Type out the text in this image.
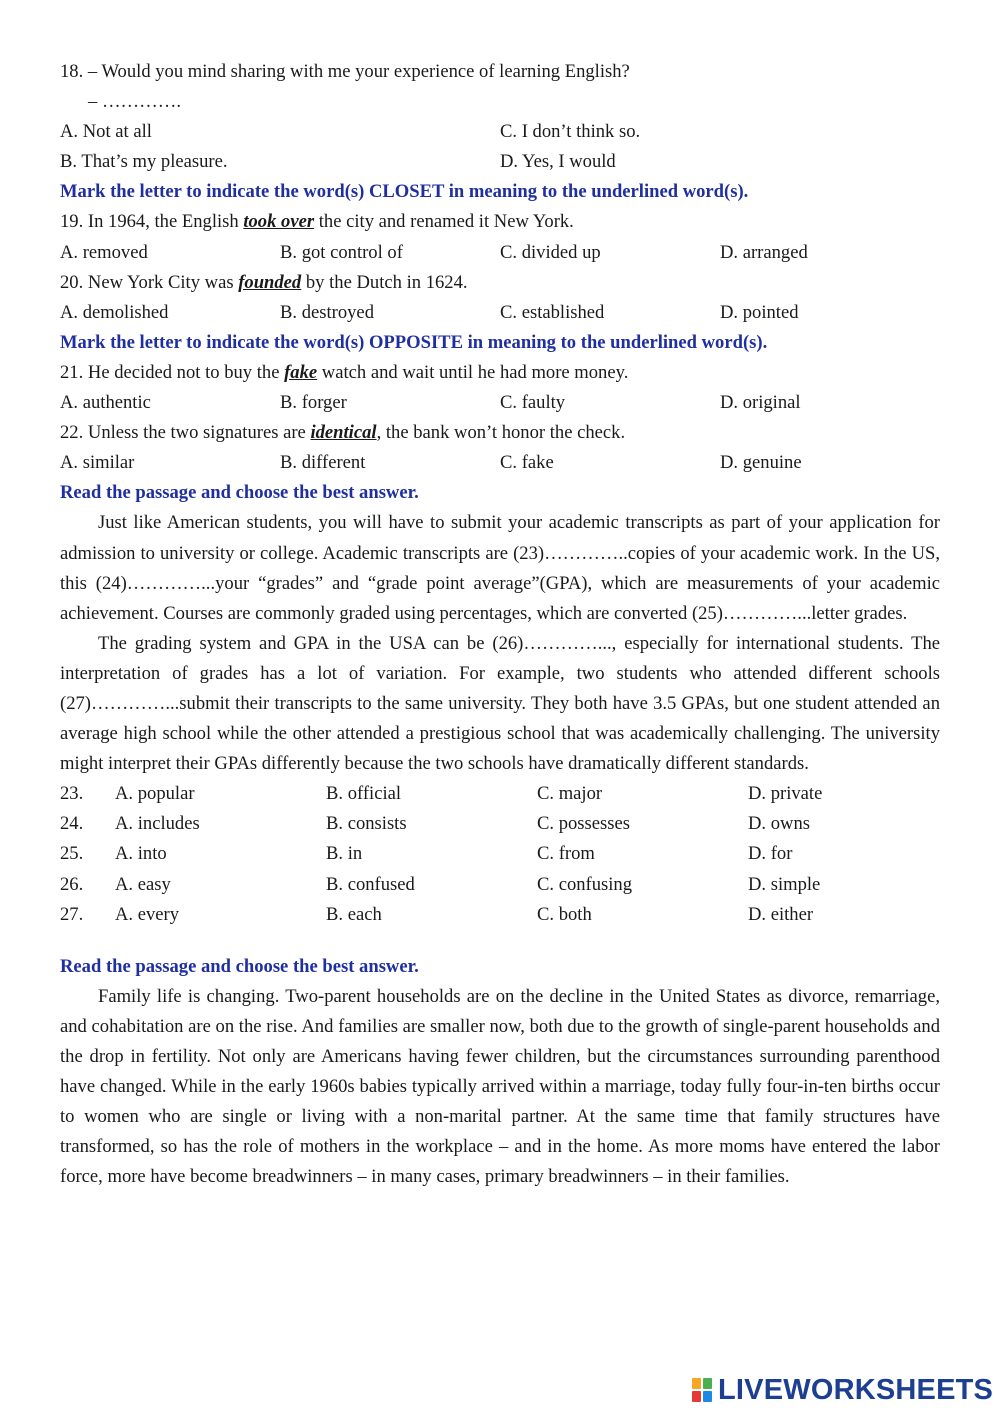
18. – Would you mind sharing with me your experience of learning English?
– ………….
A. Not at all	C. I don’t think so.
B. That’s my pleasure.	D. Yes, I would
Mark the letter to indicate the word(s) CLOSET in meaning to the underlined word(s).
19. In 1964, the English took over the city and renamed it New York.
A. removed	B. got control of	C. divided up	D. arranged
20. New York City was founded by the Dutch in 1624.
A. demolished	B. destroyed	C. established	D. pointed
Mark the letter to indicate the word(s) OPPOSITE in meaning to the underlined word(s).
21. He decided not to buy the fake watch and wait until he had more money.
A. authentic	B. forger	C. faulty	D. original
22. Unless the two signatures are identical, the bank won’t honor the check.
A. similar	B. different	C. fake	D. genuine
Read the passage and choose the best answer.

Just like American students, you will have to submit your academic transcripts as part of your application for admission to university or college. Academic transcripts are (23)…………..copies of your academic work. In the US, this (24)…………...your “grades” and “grade point average”(GPA), which are measurements of your academic achievement. Courses are commonly graded using percentages, which are converted (25)…………...letter grades.

The grading system and GPA in the USA can be (26)…………..., especially for international students. The interpretation of grades has a lot of variation. For example, two students who attended different schools (27)…………...submit their transcripts to the same university. They both have 3.5 GPAs, but one student attended an average high school while the other attended a prestigious school that was academically challenging. The university might interpret their GPAs differently because the two schools have dramatically different standards.

23.	A. popular	B. official	C. major	D. private
24.	A. includes	B. consists	C. possesses	D. owns
25.	A. into	B. in	C. from	D. for
26.	A. easy	B. confused	C. confusing	D. simple
27.	A. every	B. each	C. both	D. either
Read the passage and choose the best answer.

Family life is changing. Two-parent households are on the decline in the United States as divorce, remarriage, and cohabitation are on the rise. And families are smaller now, both due to the growth of single-parent households and the drop in fertility. Not only are Americans having fewer children, but the circumstances surrounding parenthood have changed. While in the early 1960s babies typically arrived within a marriage, today fully four-in-ten births occur to women who are single or living with a non-marital partner. At the same time that family structures have transformed, so has the role of mothers in the workplace – and in the home. As more moms have entered the labor force, more have become breadwinners – in many cases, primary breadwinners – in their families.

LIVEWORKSHEETS
